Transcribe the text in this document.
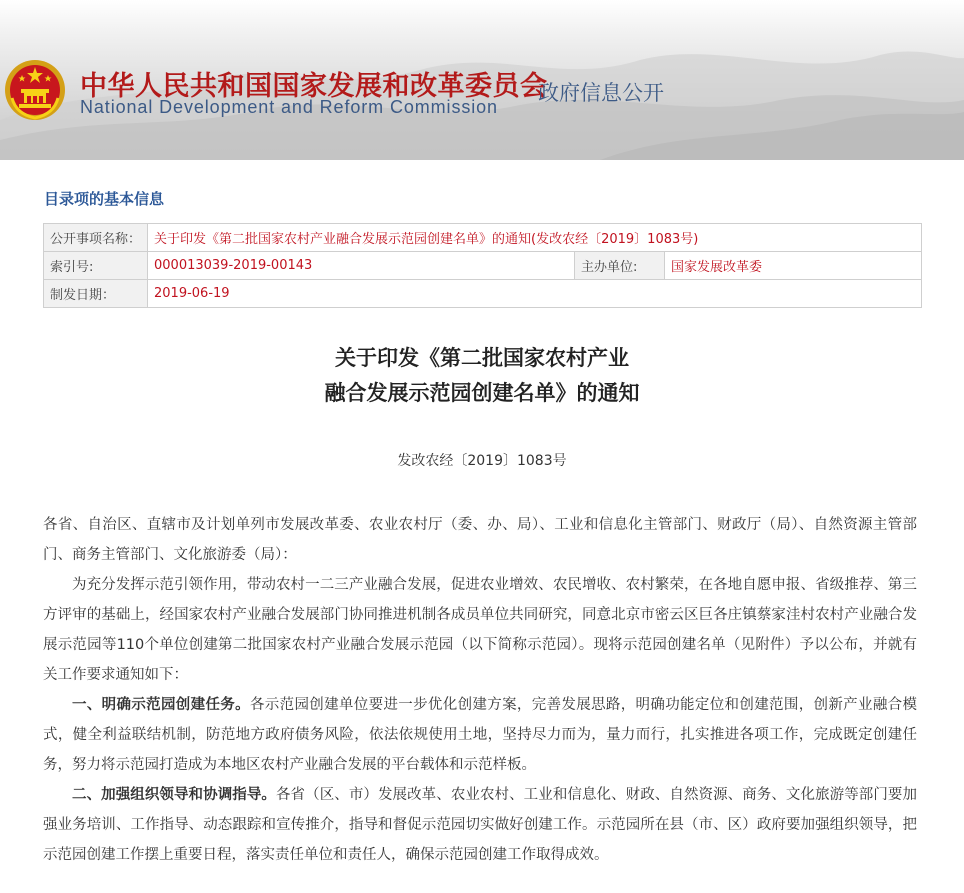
中华人民共和国国家发展和改革委员会
National Development and Reform Commission
政府信息公开
目录项的基本信息
公开事项名称：	关于印发《第二批国家农村产业融合发展示范园创建名单》的通知(发改农经〔2019〕1083号)		
索引号:	000013039-2019-00143	主办单位:	国家发展改革委
制发日期：	2019-06-19		
关于印发《第二批国家农村产业
融合发展示范园创建名单》的通知
发改农经〔2019〕1083号

各省、自治区、直辖市及计划单列市发展改革委、农业农村厅（委、办、局）、工业和信息化主管部门、财政厅（局）、自然资源主管部门、商务主管部门、文化旅游委（局）：

为充分发挥示范引领作用，带动农村一二三产业融合发展，促进农业增效、农民增收、农村繁荣，在各地自愿申报、省级推荐、第三方评审的基础上，经国家农村产业融合发展部门协同推进机制各成员单位共同研究，同意北京市密云区巨各庄镇蔡家洼村农村产业融合发展示范园等110个单位创建第二批国家农村产业融合发展示范园（以下简称示范园）。现将示范园创建名单（见附件）予以公布，并就有关工作要求通知如下：

一、明确示范园创建任务。各示范园创建单位要进一步优化创建方案，完善发展思路，明确功能定位和创建范围，创新产业融合模式，健全利益联结机制，防范地方政府债务风险，依法依规使用土地，坚持尽力而为，量力而行，扎实推进各项工作，完成既定创建任务，努力将示范园打造成为本地区农村产业融合发展的平台载体和示范样板。

二、加强组织领导和协调指导。各省（区、市）发展改革、农业农村、工业和信息化、财政、自然资源、商务、文化旅游等部门要加强业务培训、工作指导、动态跟踪和宣传推介，指导和督促示范园切实做好创建工作。示范园所在县（市、区）政府要加强组织领导，把示范园创建工作摆上重要日程，落实责任单位和责任人，确保示范园创建工作取得成效。
